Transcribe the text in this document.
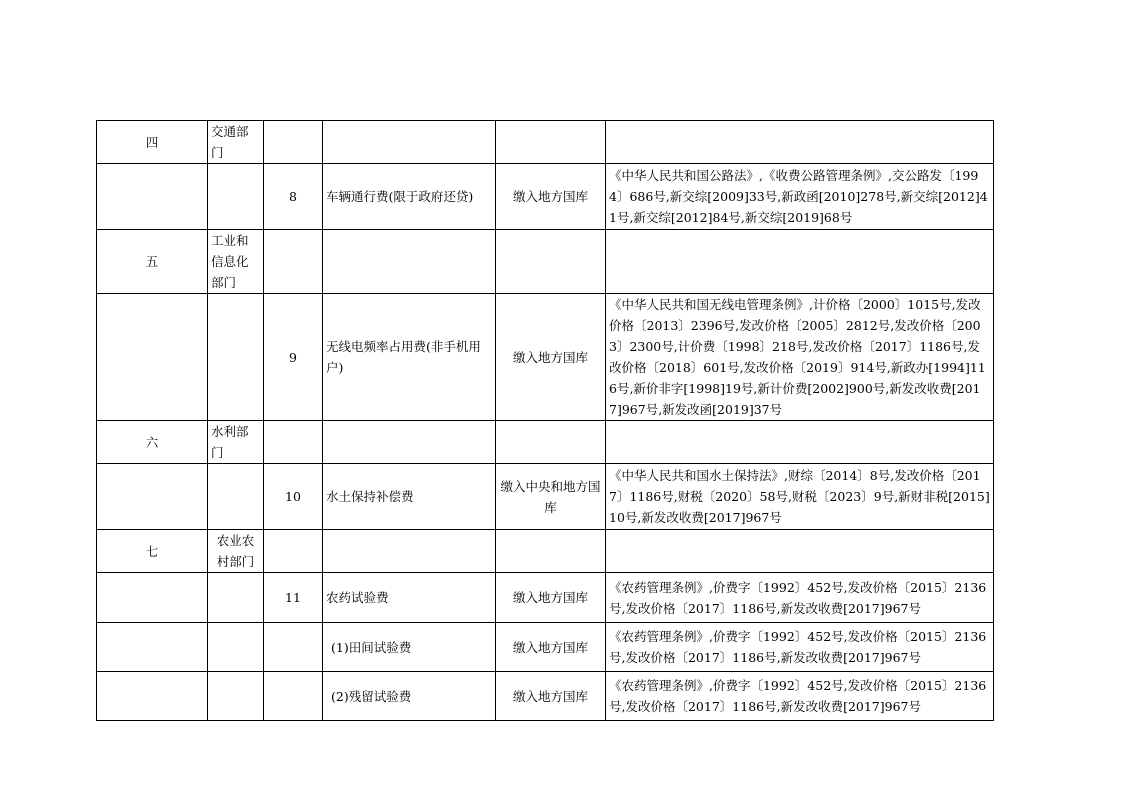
四	交通部门				
		8	车辆通行费(限于政府还贷)	缴入地方国库	《中华人民共和国公路法》,《收费公路管理条例》,交公路发〔1994〕686号,新交综[2009]33号,新政函[2010]278号,新交综[2012]41号,新交综[2012]84号,新交综[2019]68号
五	工业和信息化部门				
		9	无线电频率占用费(非手机用户)	缴入地方国库	《中华人民共和国无线电管理条例》,计价格〔2000〕1015号,发改价格〔2013〕2396号,发改价格〔2005〕2812号,发改价格〔2003〕2300号,计价费〔1998〕218号,发改价格〔2017〕1186号,发改价格〔2018〕601号,发改价格〔2019〕914号,新政办[1994]116号,新价非字[1998]19号,新计价费[2002]900号,新发改收费[2017]967号,新发改函[2019]37号
六	水利部门				
		10	水土保持补偿费	缴入中央和地方国库	《中华人民共和国水土保持法》,财综〔2014〕8号,发改价格〔2017〕1186号,财税〔2020〕58号,财税〔2023〕9号,新财非税[2015]10号,新发改收费[2017]967号
七	农业农村部门				
		11	农药试验费	缴入地方国库	《农药管理条例》,价费字〔1992〕452号,发改价格〔2015〕2136号,发改价格〔2017〕1186号,新发改收费[2017]967号
			(1)田间试验费	缴入地方国库	《农药管理条例》,价费字〔1992〕452号,发改价格〔2015〕2136号,发改价格〔2017〕1186号,新发改收费[2017]967号
			(2)残留试验费	缴入地方国库	《农药管理条例》,价费字〔1992〕452号,发改价格〔2015〕2136号,发改价格〔2017〕1186号,新发改收费[2017]967号
